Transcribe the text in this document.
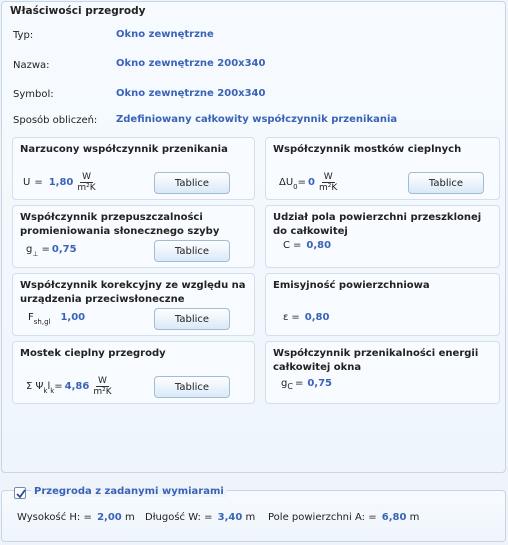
Właściwości przegrody
Typ:	Okno zewnętrzne
Nazwa:	Okno zewnętrzne 200x340
Symbol:	Okno zewnętrzne 200x340
Sposób obliczeń: Zdefiniowany całkowity współczynnik przenikania
Narzucony współczynnik przenikania
$U = 1,80 \frac{W}{\text{m²K}}$	Tablice
Współczynnik mostków cieplnych
ΔU $0 = 0 \frac{W}{\text{m²K}}$	Tablice
Współczynnik przepuszczalności promieniowania słonecznego szyby
g ⊥ = 0,75	Tablice
Udział pola powierzchni przeszklonej do całkowitej
C = 0,80
Współczynnik korekcyjny ze względu na urządzenia przeciwsłoneczne
F sh,gl 1,00	Tablice
Emisyjność powierzchniowa
ε = 0,80
Mostek cieplny przegrody
Σ Ψ k l $k = 4,86 \frac{W}{\text{m²K}}$	Tablice
Współczynnik przenikalności energii całkowitej okna
g C = 0,75
Przegroda z zadanymi wymiarami
Wysokość H: = 2,00 m Długość W: = 3,40 m Pole powierzchni A: = 6,80 m
